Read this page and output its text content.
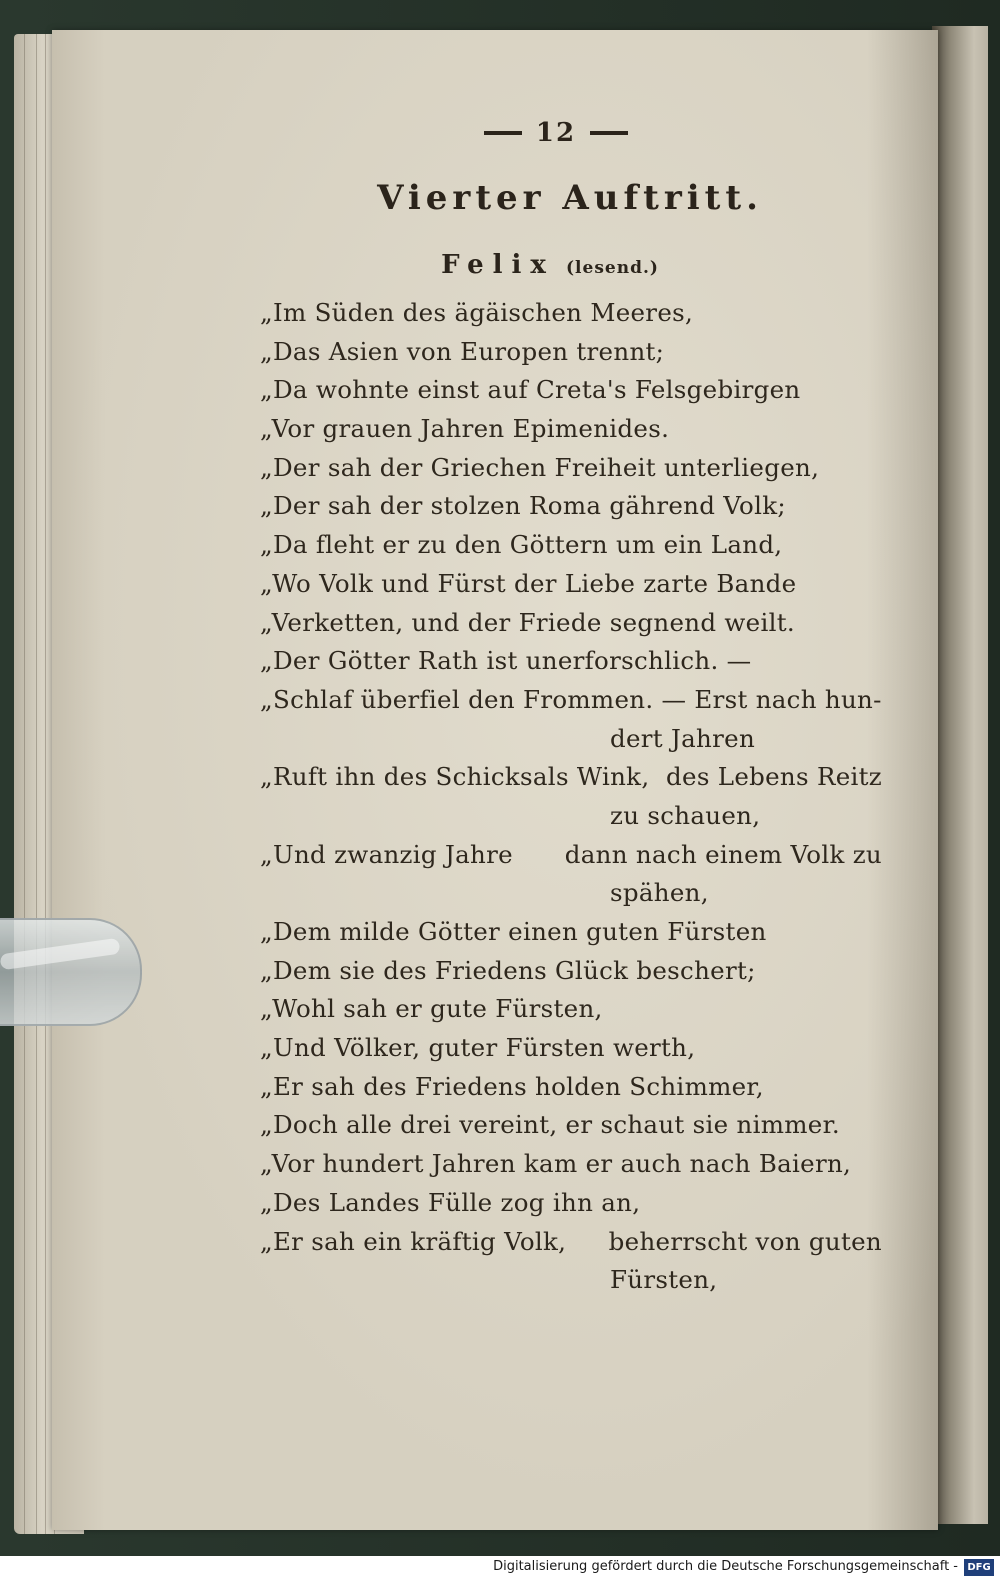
12
Vierter Auftritt.
Felix (lesend.)
„Im Süden des ägäischen Meeres,
„Das Asien von Europen trennt;
„Da wohnte einst auf Creta's Felsgebirgen
„Vor grauen Jahren Epimenides.
„Der sah der Griechen Freiheit unterliegen,
„Der sah der stolzen Roma gährend Volk;
„Da fleht er zu den Göttern um ein Land,
„Wo Volk und Fürst der Liebe zarte Bande
„Verketten, und der Friede segnend weilt.
„Der Götter Rath ist unerforschlich. —
„Schlaf überfiel den Frommen. — Erst nach hun-
dert Jahren
„Ruft ihn des Schicksals Wink, des Lebens Reitz
zu schauen,
„Und zwanzig Jahre dann nach einem Volk zu
spähen,
„Dem milde Götter einen guten Fürsten
„Dem sie des Friedens Glück beschert;
„Wohl sah er gute Fürsten,
„Und Völker, guter Fürsten werth,
„Er sah des Friedens holden Schimmer,
„Doch alle drei vereint, er schaut sie nimmer.
„Vor hundert Jahren kam er auch nach Baiern,
„Des Landes Fülle zog ihn an,
„Er sah ein kräftig Volk, beherrscht von guten
Fürsten,
Digitalisierung gefördert durch die Deutsche Forschungsgemeinschaft - DFG
